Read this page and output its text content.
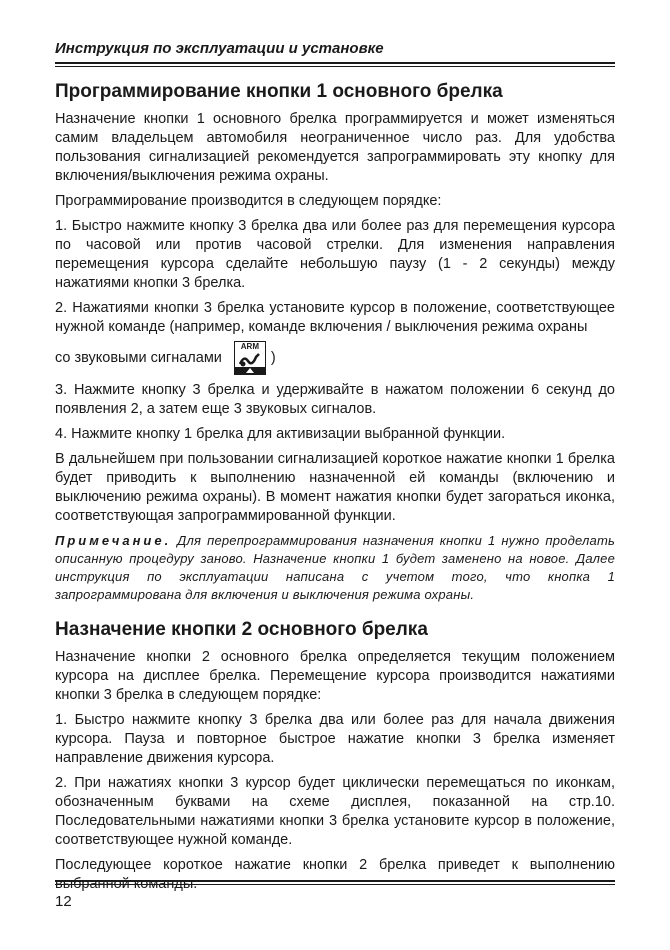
Инструкция по эксплуатации и установке
Программирование кнопки 1 основного брелка

Назначение кнопки 1 основного брелка программируется и может изменяться самим владельцем автомобиля неограниченное число раз. Для удобства пользования сигнализацией рекомендуется запрограммировать эту кнопку для включения/выключения режима охраны.

Программирование производится в следующем порядке:

1. Быстро нажмите кнопку 3 брелка два или более раз для перемещения курсора по часовой или против часовой стрелки. Для изменения направления перемещения курсора сделайте небольшую паузу (1 - 2 секунды) между нажатиями кнопки 3 брелка.

2. Нажатиями кнопки 3 брелка установите курсор в положение, соответствующее нужной команде (например, команде включения / выключения режима охраны

со звуковыми сигналами
ARM
)

3. Нажмите кнопку 3 брелка и удерживайте в нажатом положении 6 секунд до появления 2, а затем еще 3 звуковых сигналов.

4. Нажмите кнопку 1 брелка для активизации выбранной функции.

В дальнейшем при пользовании сигнализацией короткое нажатие кнопки 1 брелка будет приводить к выполнению назначенной ей команды (включению и выключению режима охраны). В момент нажатия кнопки будет загораться иконка, соответствующая запрограммированной функции.

Примечание. Для перепрограммирования назначения кнопки 1 нужно проделать описанную процедуру заново. Назначение кнопки 1 будет заменено на новое. Далее инструкция по эксплуатации написана с учетом того, что кнопка 1 запрограммирована для включения и выключения режима охраны.

Назначение кнопки 2 основного брелка

Назначение кнопки 2 основного брелка определяется текущим положением курсора на дисплее брелка. Перемещение курсора производится нажатиями кнопки 3 брелка в следующем порядке:

1. Быстро нажмите кнопку 3 брелка два или более раз для начала движения курсора. Пауза и повторное быстрое нажатие кнопки 3 брелка изменяет направление движения курсора.

2. При нажатиях кнопки 3 курсор будет циклически перемещаться по иконкам, обозначенным буквами на схеме дисплея, показанной на стр.10. Последовательными нажатиями кнопки 3 брелка установите курсор в положение, соответствующее нужной команде.

Последующее короткое нажатие кнопки 2 брелка приведет к выполнению выбранной команды.

12
